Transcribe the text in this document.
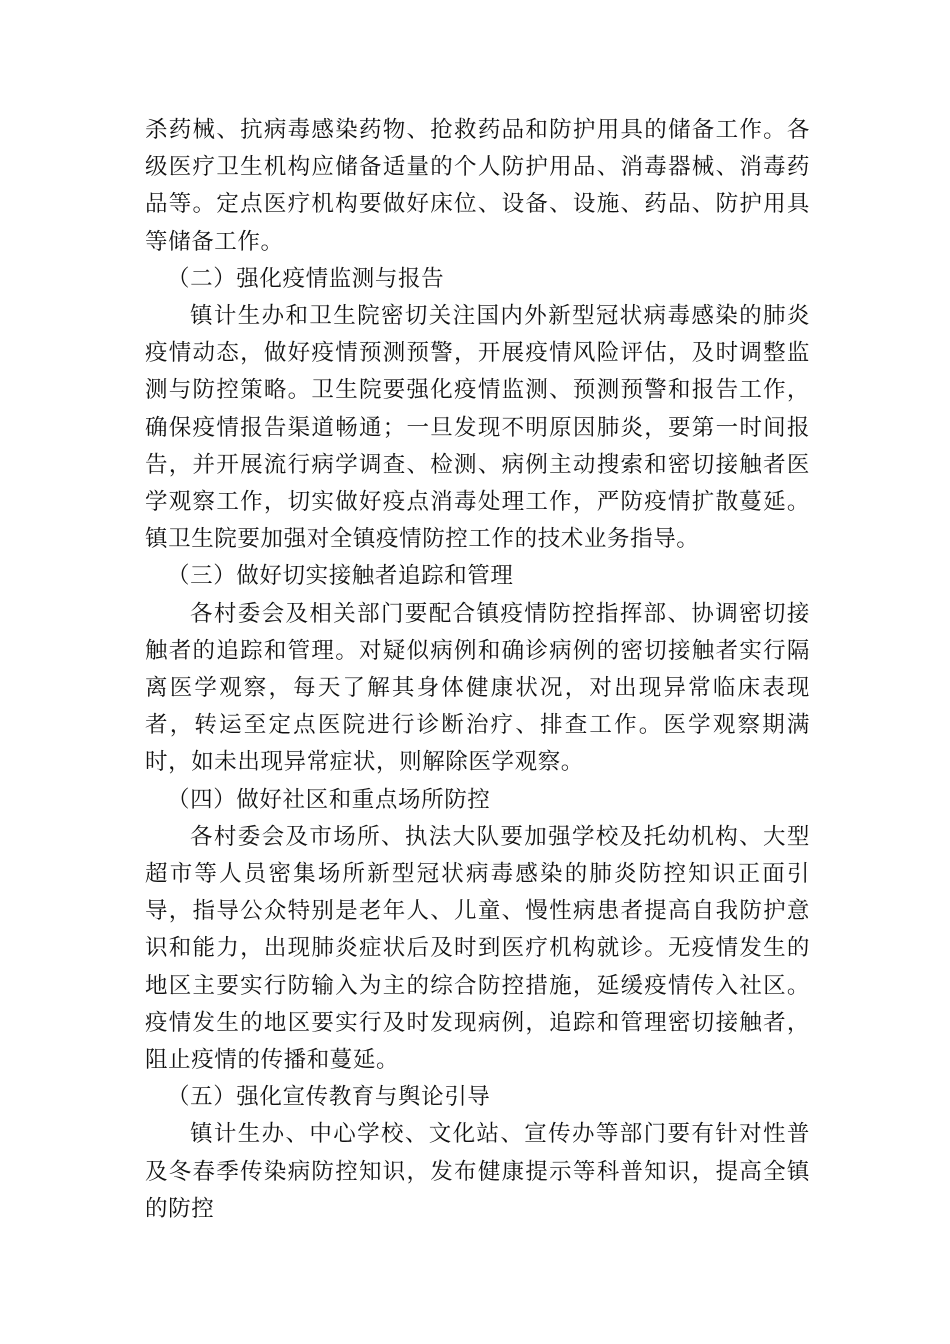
杀药械、抗病毒感染药物、抢救药品和防护用具的储备工作。各级医疗卫生机构应储备适量的个人防护用品、消毒器械、消毒药品等。定点医疗机构要做好床位、设备、设施、药品、防护用具等储备工作。

（二）强化疫情监测与报告

镇计生办和卫生院密切关注国内外新型冠状病毒感染的肺炎疫情动态，做好疫情预测预警，开展疫情风险评估，及时调整监测与防控策略。卫生院要强化疫情监测、预测预警和报告工作，确保疫情报告渠道畅通；一旦发现不明原因肺炎，要第一时间报告，并开展流行病学调查、检测、病例主动搜索和密切接触者医学观察工作，切实做好疫点消毒处理工作，严防疫情扩散蔓延。镇卫生院要加强对全镇疫情防控工作的技术业务指导。

（三）做好切实接触者追踪和管理

各村委会及相关部门要配合镇疫情防控指挥部、协调密切接触者的追踪和管理。对疑似病例和确诊病例的密切接触者实行隔离医学观察，每天了解其身体健康状况，对出现异常临床表现者，转运至定点医院进行诊断治疗、排查工作。医学观察期满时，如未出现异常症状，则解除医学观察。

（四）做好社区和重点场所防控

各村委会及市场所、执法大队要加强学校及托幼机构、大型超市等人员密集场所新型冠状病毒感染的肺炎防控知识正面引导，指导公众特别是老年人、儿童、慢性病患者提高自我防护意识和能力，出现肺炎症状后及时到医疗机构就诊。无疫情发生的地区主要实行防输入为主的综合防控措施，延缓疫情传入社区。疫情发生的地区要实行及时发现病例，追踪和管理密切接触者，阻止疫情的传播和蔓延。

（五）强化宣传教育与舆论引导

镇计生办、中心学校、文化站、宣传办等部门要有针对性普及冬春季传染病防控知识，发布健康提示等科普知识，提高全镇的防控
